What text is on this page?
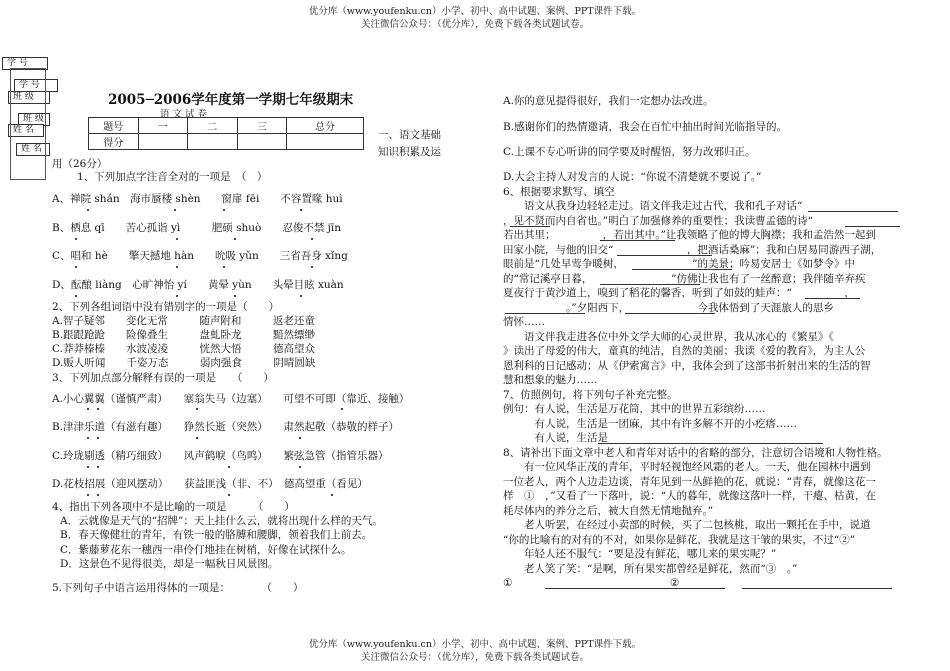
优分库（www.youfenku.cn）小学、初中、高中试题、案例、PPT课件下载。
关注微信公众号：（优分库），免费下载各类试题试卷。
学 号
学 号
班 级
班 级
姓 名
姓 名
2005─2006学年度第一学期七年级期末
语 文 试 卷
题号	一	二	三	总分
得分				
一、语文基础
知识积累及运
用（26分）
1、下列加点字注音全对的一项是　（　）
A、禅院 shán　海市蜃楼 shèn　　窗扉 fēi　　不容置喙 huì
B、栖息 qī　　苦心孤诣 yì　　　肥硕 shuò　　忍俊不禁 jīn
C、唱和 hè　　擎天撼地 hàn　　吮吸 yǔn　　三省吾身 xǐng
D、酝酿 liàng　心旷神怡 yí　　黄晕 yùn　　头晕目眩 xuàn
2、下列各组词语中没有错别字的一项是（　　）
A.智子疑邻　　变化无常　　　随声附和　　　返老还童
B.跟跟跄跄　　险像叠生　　　盘虬卧龙　　　黯然缥缈
C.莽莽榛榛　　水波凌凌　　　恍然大悟　　　德高望众
D.贩人听闻　　千姿万态　　　弱肉强食　　　阴晴圆缺
3、下列加点部分解释有误的一项是　　（　　）
A.小心翼翼（谨慎严肃）　　塞翁失马（边塞）　　可望不可即（靠近、接触）
B.津津乐道（有滋有趣）　　狰然长逝（突然）　　肃然起敬（恭敬的样子）
C.玲珑剔透（精巧细致）　　风声鹤唳（鸟鸣）　　繁弦急管（指管乐器）
D.花枝招展（迎风摆动）　　获益匪浅（非、不）　德高望重（看见）
4、指出下列各项中不是比喻的一项是　　　（　　）
A．云就像是天气的“招牌”：天上挂什么云，就将出现什么样的天气。
B．春天像健壮的青年，有铁一般的胳膊和腰脚，领着我们上前去。
C．紫藤萝花东一穗西一串伶仃地挂在树梢，好像在试探什么。
D．这景色不见得很美，却是一幅秋日风景图。
5.下列句子中语言运用得体的一项是：　　　　（　　）
A.你的意见提得很好，我们一定想办法改进。
B.感谢你们的热情邀请，我会在百忙中抽出时间光临指导的。
C.上课不专心听讲的同学要及时醒悟，努力改邪归正。
D.大会主持人对发言的人说：“你说不清楚就不要说了。”
6、根据要求默写、填空
　　语文从我身边轻轻走过。语文伴我走过古代，我和孔子对话“
，见不贤而内自省也。”明白了加强修养的重要性；我读曹孟德的诗“
若出其里；　　　　　，若出其中。”让我领略了他的博大胸襟；我和孟浩然一起到
田家小院，与他的旧交“　　　　　　　，把酒话桑麻”；我和白居易同游西子湖，
眼前是“几处早莺争暖树，　　　　　　　”的美景；吟易安居士《如梦令》中
的“常记溪亭日暮，　　　　　　　　”仿佛让我也有了一丝醉意；我伴随辛弃疾
夏夜行于黄沙道上，嗅到了稻花的馨香，听到了如鼓的蛙声：“　　　　　，　　
　　　　　　。”夕阳西下，　　　　　　　今我体悟到了天涯旅人的思乡
情怀……
　　语文伴我走进各位中外文学大师的心灵世界，我从冰心的《繁星》《
》读出了母爱的伟大，童真的纯洁，自然的美丽；我读《爱的教育》，为主人公
恩利科的日记感动；从《伊索寓言》中，我体会到了这部书折射出来的生活的智
慧和想象的魅力……
7、仿照例句，将下列句子补充完整。
例句：有人说，生活是万花筒，其中的世界五彩缤纷……
　　　有人说，生活是一团麻，其中有许多解不开的小疙瘩……
　　　有人说，生活是
8、请补出下面文章中老人和青年对话中的省略的部分，注意切合语境和人物性格。
　　有一位风华正茂的青年，平时轻视饱经风霜的老人。一天，他在园林中遇到
一位老人，两个人边走边谈，青年见到一丛鲜艳的花，就说：“青春，就像这花一
样　①　，”又看了一下落叶，说：“人的暮年，就像这落叶一样，干瘪、枯黄，在
耗尽体内的养分之后，被大自然无情地抛弃。”
　　老人听罢，在经过小卖部的时候，买了二包核桃，取出一颗托在手中，说道
“你的比喻有的对有的不对，如果你是鲜花，我就是这干皱的果实，不过“②”
　　年轻人还不服气：“要是没有鲜花，哪儿来的果实呢？”
　　老人笑了笑：“是啊，所有果实都曾经是鲜花，然而“③　。”
①　　　　　　　　　　　　　　　②
优分库（www.youfenku.cn）小学、初中、高中试题、案例、PPT课件下载。
关注微信公众号：（优分库），免费下载各类试题试卷。
